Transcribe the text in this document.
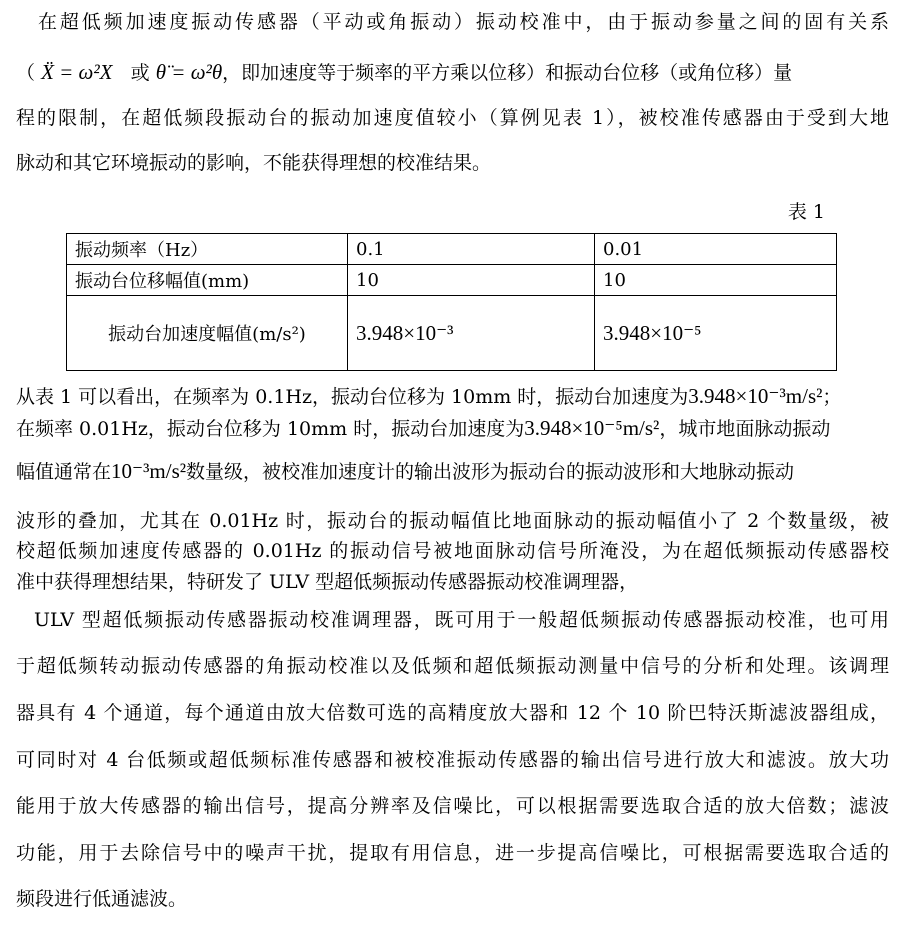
在超低频加速度振动传感器（平动或角振动）振动校准中，由于振动参量之间的固有关系
（ Ẍ = ω²X 或 θ̈ = ω²θ，即加速度等于频率的平方乘以位移）和振动台位移（或角位移）量
程的限制，在超低频段振动台的振动加速度值较小（算例见表 1），被校准传感器由于受到大地
脉动和其它环境振动的影响，不能获得理想的校准结果。
表 1
振动频率（Hz）	0.1	0.01
振动台位移幅值(mm)	10	10
振动台加速度幅值(m/s²)	3.948×10⁻³	3.948×10⁻⁵
从表 1 可以看出，在频率为 0.1Hz，振动台位移为 10mm 时，振动台加速度为3.948×10⁻³m/s²；
在频率 0.01Hz，振动台位移为 10mm 时，振动台加速度为3.948×10⁻⁵m/s²，城市地面脉动振动
幅值通常在10⁻³m/s²数量级，被校准加速度计的输出波形为振动台的振动波形和大地脉动振动
波形的叠加，尤其在 0.01Hz 时，振动台的振动幅值比地面脉动的振动幅值小了 2 个数量级，被
校超低频加速度传感器的 0.01Hz 的振动信号被地面脉动信号所淹没，为在超低频振动传感器校
准中获得理想结果，特研发了 ULV 型超低频振动传感器振动校准调理器，
ULV 型超低频振动传感器振动校准调理器，既可用于一般超低频振动传感器振动校准，也可用
于超低频转动振动传感器的角振动校准以及低频和超低频振动测量中信号的分析和处理。该调理
器具有 4 个通道，每个通道由放大倍数可选的高精度放大器和 12 个 10 阶巴特沃斯滤波器组成，
可同时对 4 台低频或超低频标准传感器和被校准振动传感器的输出信号进行放大和滤波。放大功
能用于放大传感器的输出信号，提高分辨率及信噪比，可以根据需要选取合适的放大倍数；滤波
功能，用于去除信号中的噪声干扰，提取有用信息，进一步提高信噪比，可根据需要选取合适的
频段进行低通滤波。
